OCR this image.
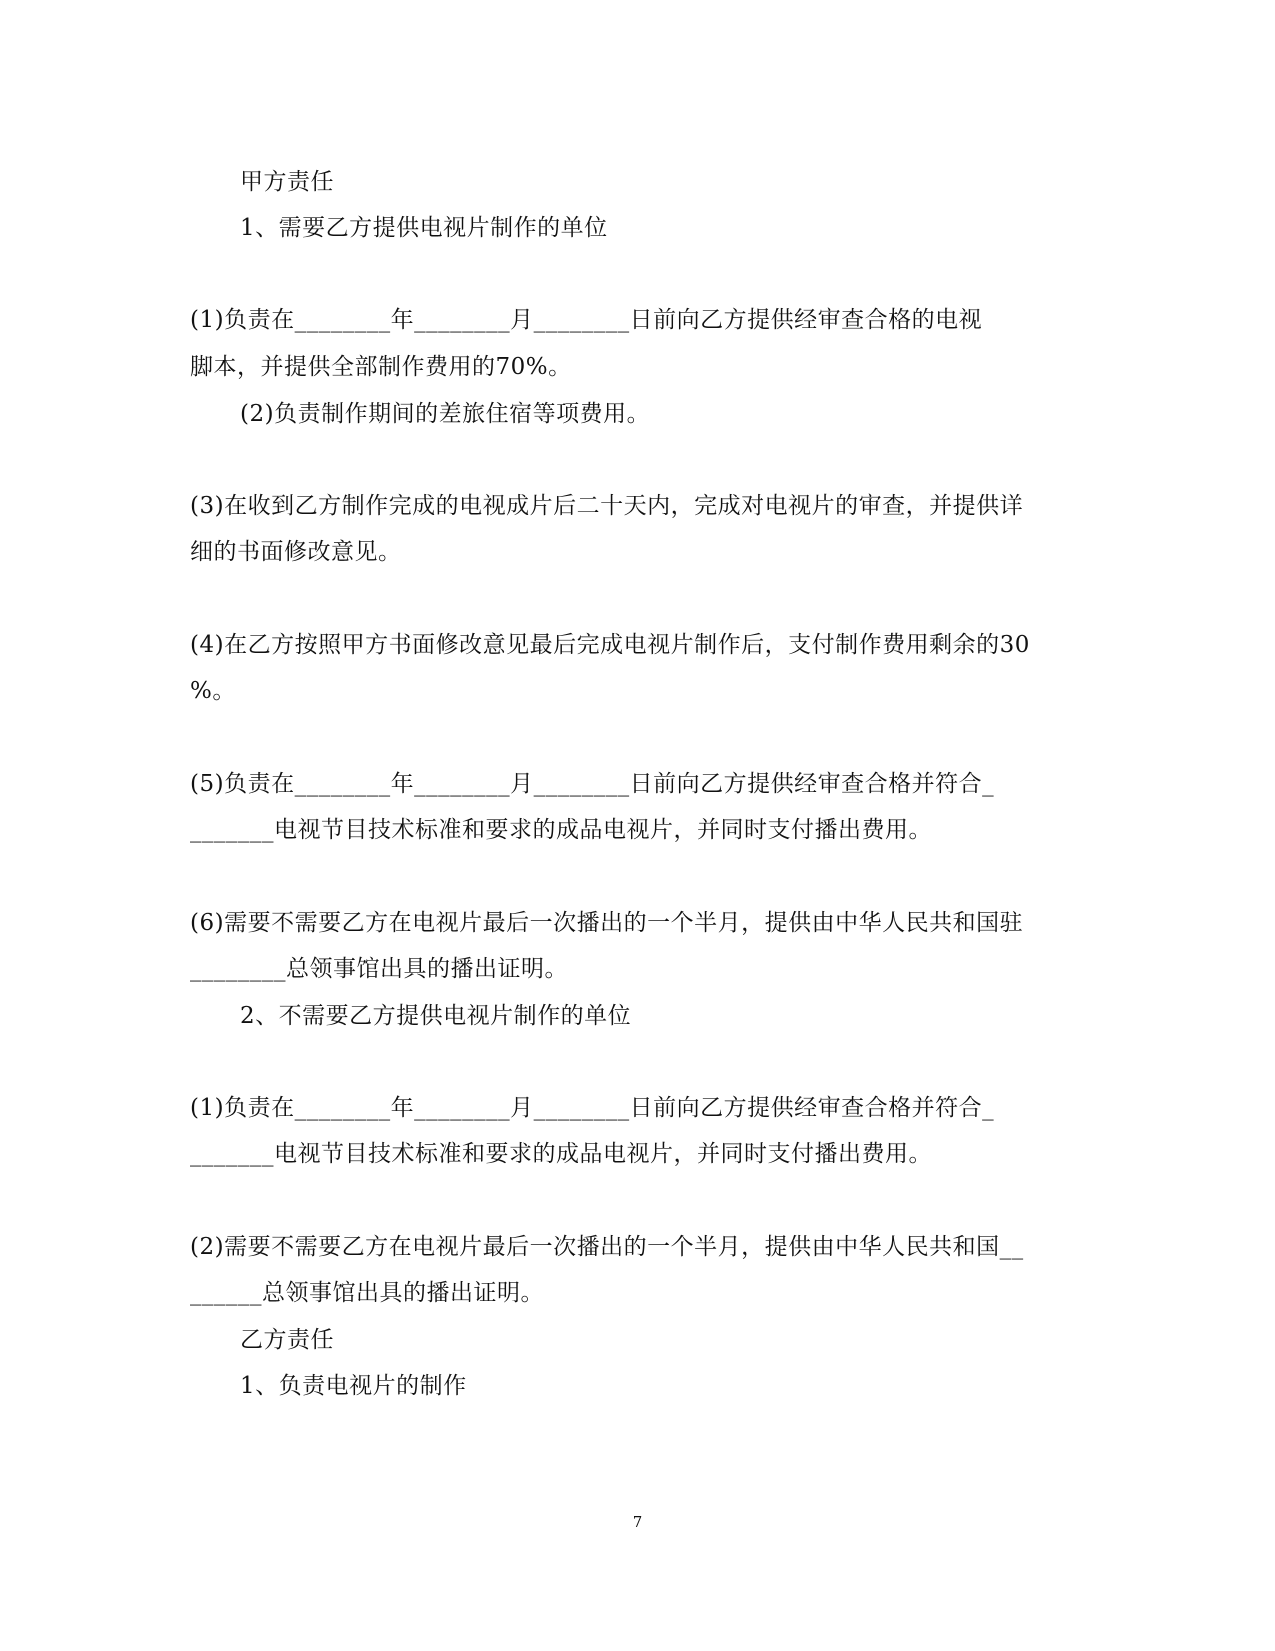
甲方责任
1、需要乙方提供电视片制作的单位
(1)负责在________年________月________日前向乙方提供经审查合格的电视
脚本，并提供全部制作费用的70%。
(2)负责制作期间的差旅住宿等项费用。
(3)在收到乙方制作完成的电视成片后二十天内，完成对电视片的审查，并提供详
细的书面修改意见。
(4)在乙方按照甲方书面修改意见最后完成电视片制作后，支付制作费用剩余的30
%。
(5)负责在________年________月________日前向乙方提供经审查合格并符合_
_______电视节目技术标准和要求的成品电视片，并同时支付播出费用。
(6)需要不需要乙方在电视片最后一次播出的一个半月，提供由中华人民共和国驻
________总领事馆出具的播出证明。
2、不需要乙方提供电视片制作的单位
(1)负责在________年________月________日前向乙方提供经审查合格并符合_
_______电视节目技术标准和要求的成品电视片，并同时支付播出费用。
(2)需要不需要乙方在电视片最后一次播出的一个半月，提供由中华人民共和国__
______总领事馆出具的播出证明。
乙方责任
1、负责电视片的制作
7
